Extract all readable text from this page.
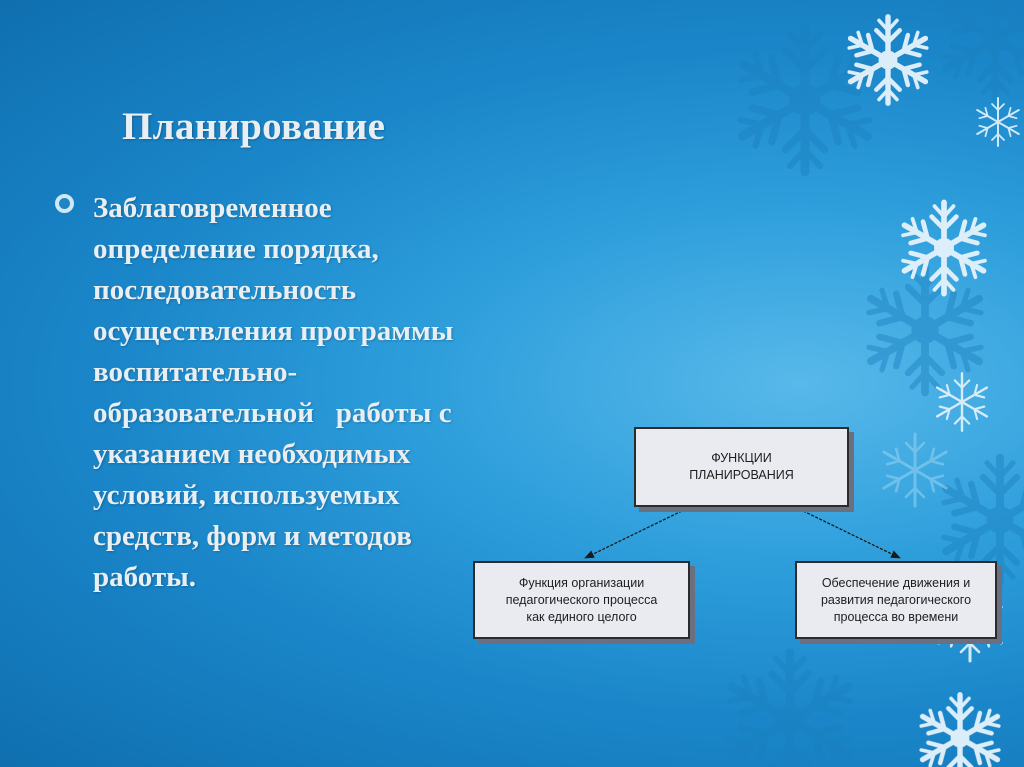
Планирование

Заблаговременное
определение порядка,
последовательность
осуществления программы
воспитательно-
образовательной   работы с
указанием необходимых
условий, используемых
средств, форм и методов
работы.

ФУНКЦИИ
ПЛАНИРОВАНИЯ
Функция организации
педагогического процесса
как единого целого
Обеспечение движения и
развития педагогического
процесса во времени
